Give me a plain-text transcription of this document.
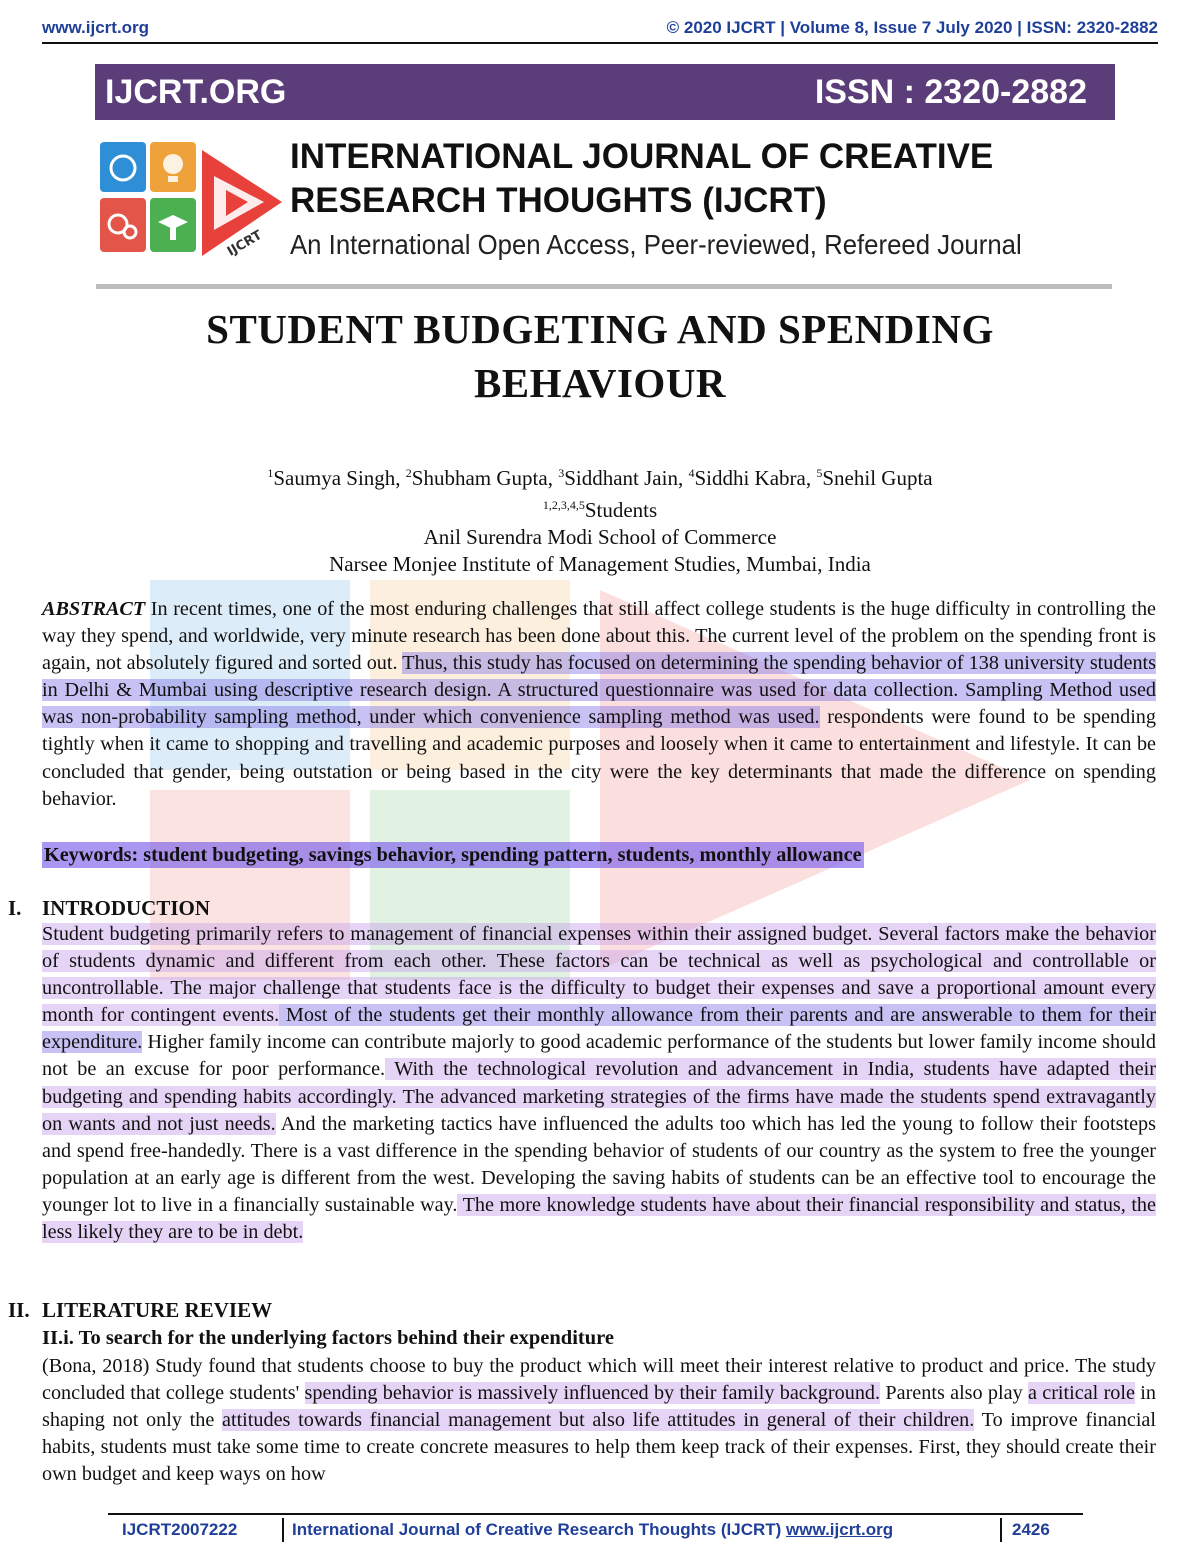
www.ijcrt.org	© 2020 IJCRT | Volume 8, Issue 7 July 2020 | ISSN: 2320-2882
IJCRT.ORG	ISSN : 2320-2882
IJCRT
INTERNATIONAL JOURNAL OF CREATIVE
RESEARCH THOUGHTS (IJCRT)
An International Open Access, Peer-reviewed, Refereed Journal
STUDENT BUDGETING AND SPENDING
BEHAVIOUR
$^1$Saumya Singh, $^2$Shubham Gupta, $^3$Siddhant Jain, $^4$Siddhi Kabra, $^5$Snehil Gupta
$^{1,2,3,4,5}$Students
Anil Surendra Modi School of Commerce
Narsee Monjee Institute of Management Studies, Mumbai, India
ABSTRACT In recent times, one of the most enduring challenges that still affect college students is the huge difficulty in controlling the way they spend, and worldwide, very minute research has been done about this. The current level of the problem on the spending front is again, not absolutely figured and sorted out. Thus, this study has focused on determining the spending behavior of 138 university students in Delhi & Mumbai using descriptive research design. A structured questionnaire was used for data collection. Sampling Method used was non-probability sampling method, under which convenience sampling method was used. respondents were found to be spending tightly when it came to shopping and travelling and academic purposes and loosely when it came to entertainment and lifestyle. It can be concluded that gender, being outstation or being based in the city were the key determinants that made the difference on spending behavior.
Keywords: student budgeting, savings behavior, spending pattern, students, monthly allowance
I. INTRODUCTION
Student budgeting primarily refers to management of financial expenses within their assigned budget. Several factors make the behavior of students dynamic and different from each other. These factors can be technical as well as psychological and controllable or uncontrollable. The major challenge that students face is the difficulty to budget their expenses and save a proportional amount every month for contingent events. Most of the students get their monthly allowance from their parents and are answerable to them for their expenditure. Higher family income can contribute majorly to good academic performance of the students but lower family income should not be an excuse for poor performance. With the technological revolution and advancement in India, students have adapted their budgeting and spending habits accordingly. The advanced marketing strategies of the firms have made the students spend extravagantly on wants and not just needs. And the marketing tactics have influenced the adults too which has led the young to follow their footsteps and spend free-handedly. There is a vast difference in the spending behavior of students of our country as the system to free the younger population at an early age is different from the west. Developing the saving habits of students can be an effective tool to encourage the younger lot to live in a financially sustainable way. The more knowledge students have about their financial responsibility and status, the less likely they are to be in debt.
II. LITERATURE REVIEW
II.i. To search for the underlying factors behind their expenditure
(Bona, 2018) Study found that students choose to buy the product which will meet their interest relative to product and price. The study concluded that college students' spending behavior is massively influenced by their family background. Parents also play a critical role in shaping not only the attitudes towards financial management but also life attitudes in general of their children. To improve financial habits, students must take some time to create concrete measures to help them keep track of their expenses. First, they should create their own budget and keep ways on how
IJCRT2007222	International Journal of Creative Research Thoughts (IJCRT) www.ijcrt.org	2426
